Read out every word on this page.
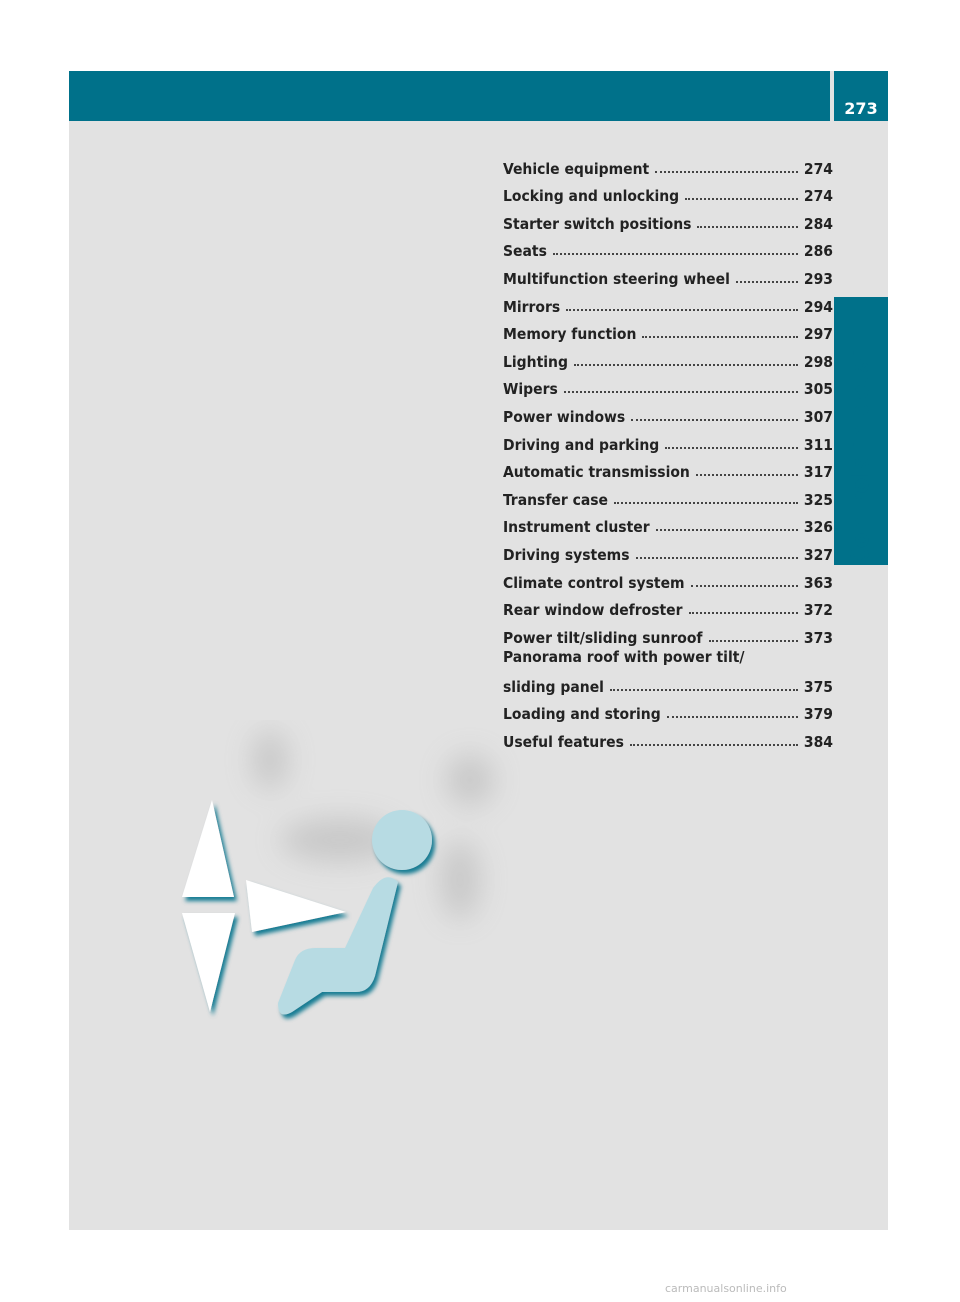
273
Controls in detail
Vehicle equipment	274
Locking and unlocking	274
Starter switch positions	284
Seats	286
Multifunction steering wheel	293
Mirrors	294
Memory function	297
Lighting	298
Wipers	305
Power windows	307
Driving and parking	311
Automatic transmission	317
Transfer case	325
Instrument cluster	326
Driving systems	327
Climate control system	363
Rear window defroster	372
Power tilt/sliding sunroof	373
Panorama roof with power tilt/
sliding panel	375
Loading and storing	379
Useful features	384
carmanualsonline.info
